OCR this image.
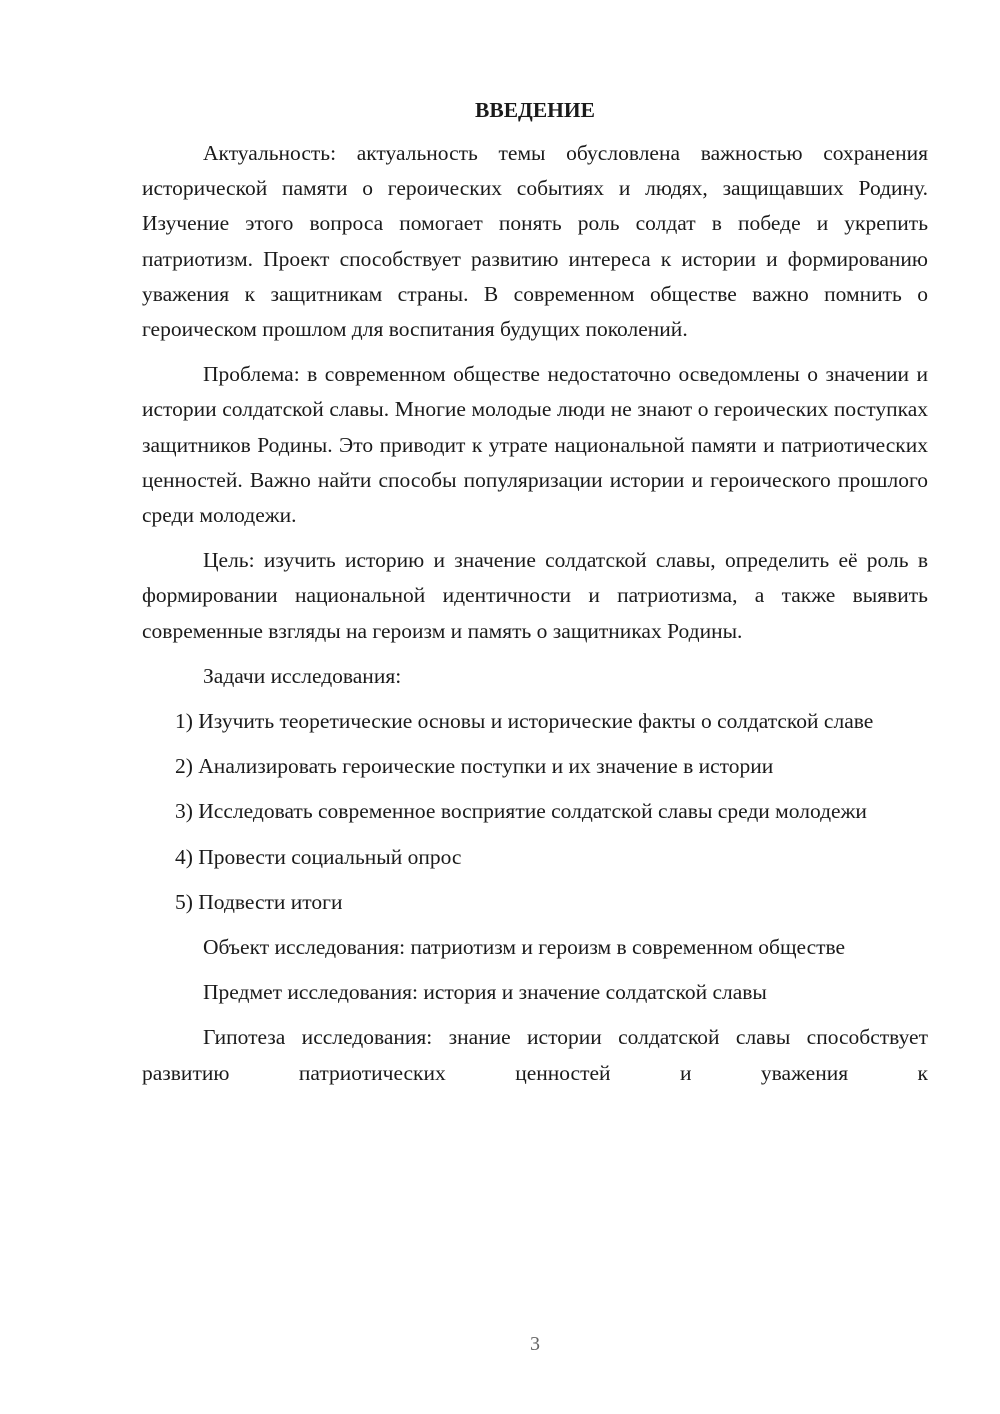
ВВЕДЕНИЕ

Актуальность: актуальность темы обусловлена важностью сохранения исторической памяти о героических событиях и людях, защищавших Родину. Изучение этого вопроса помогает понять роль солдат в победе и укрепить патриотизм. Проект способствует развитию интереса к истории и формированию уважения к защитникам страны. В современном обществе важно помнить о героическом прошлом для воспитания будущих поколений.

Проблема: в современном обществе недостаточно осведомлены о значении и истории солдатской славы. Многие молодые люди не знают о героических поступках защитников Родины. Это приводит к утрате национальной памяти и патриотических ценностей. Важно найти способы популяризации истории и героического прошлого среди молодежи.

Цель: изучить историю и значение солдатской славы, определить её роль в формировании национальной идентичности и патриотизма, а также выявить современные взгляды на героизм и память о защитниках Родины.

Задачи исследования:

1) Изучить теоретические основы и исторические факты о солдатской славе

2) Анализировать героические поступки и их значение в истории

3) Исследовать современное восприятие солдатской славы среди молодежи

4) Провести социальный опрос

5) Подвести итоги

Объект исследования: патриотизм и героизм в современном обществе

Предмет исследования: история и значение солдатской славы

Гипотеза исследования: знание истории солдатской славы способствует развитию патриотических ценностей и уважения к

3
